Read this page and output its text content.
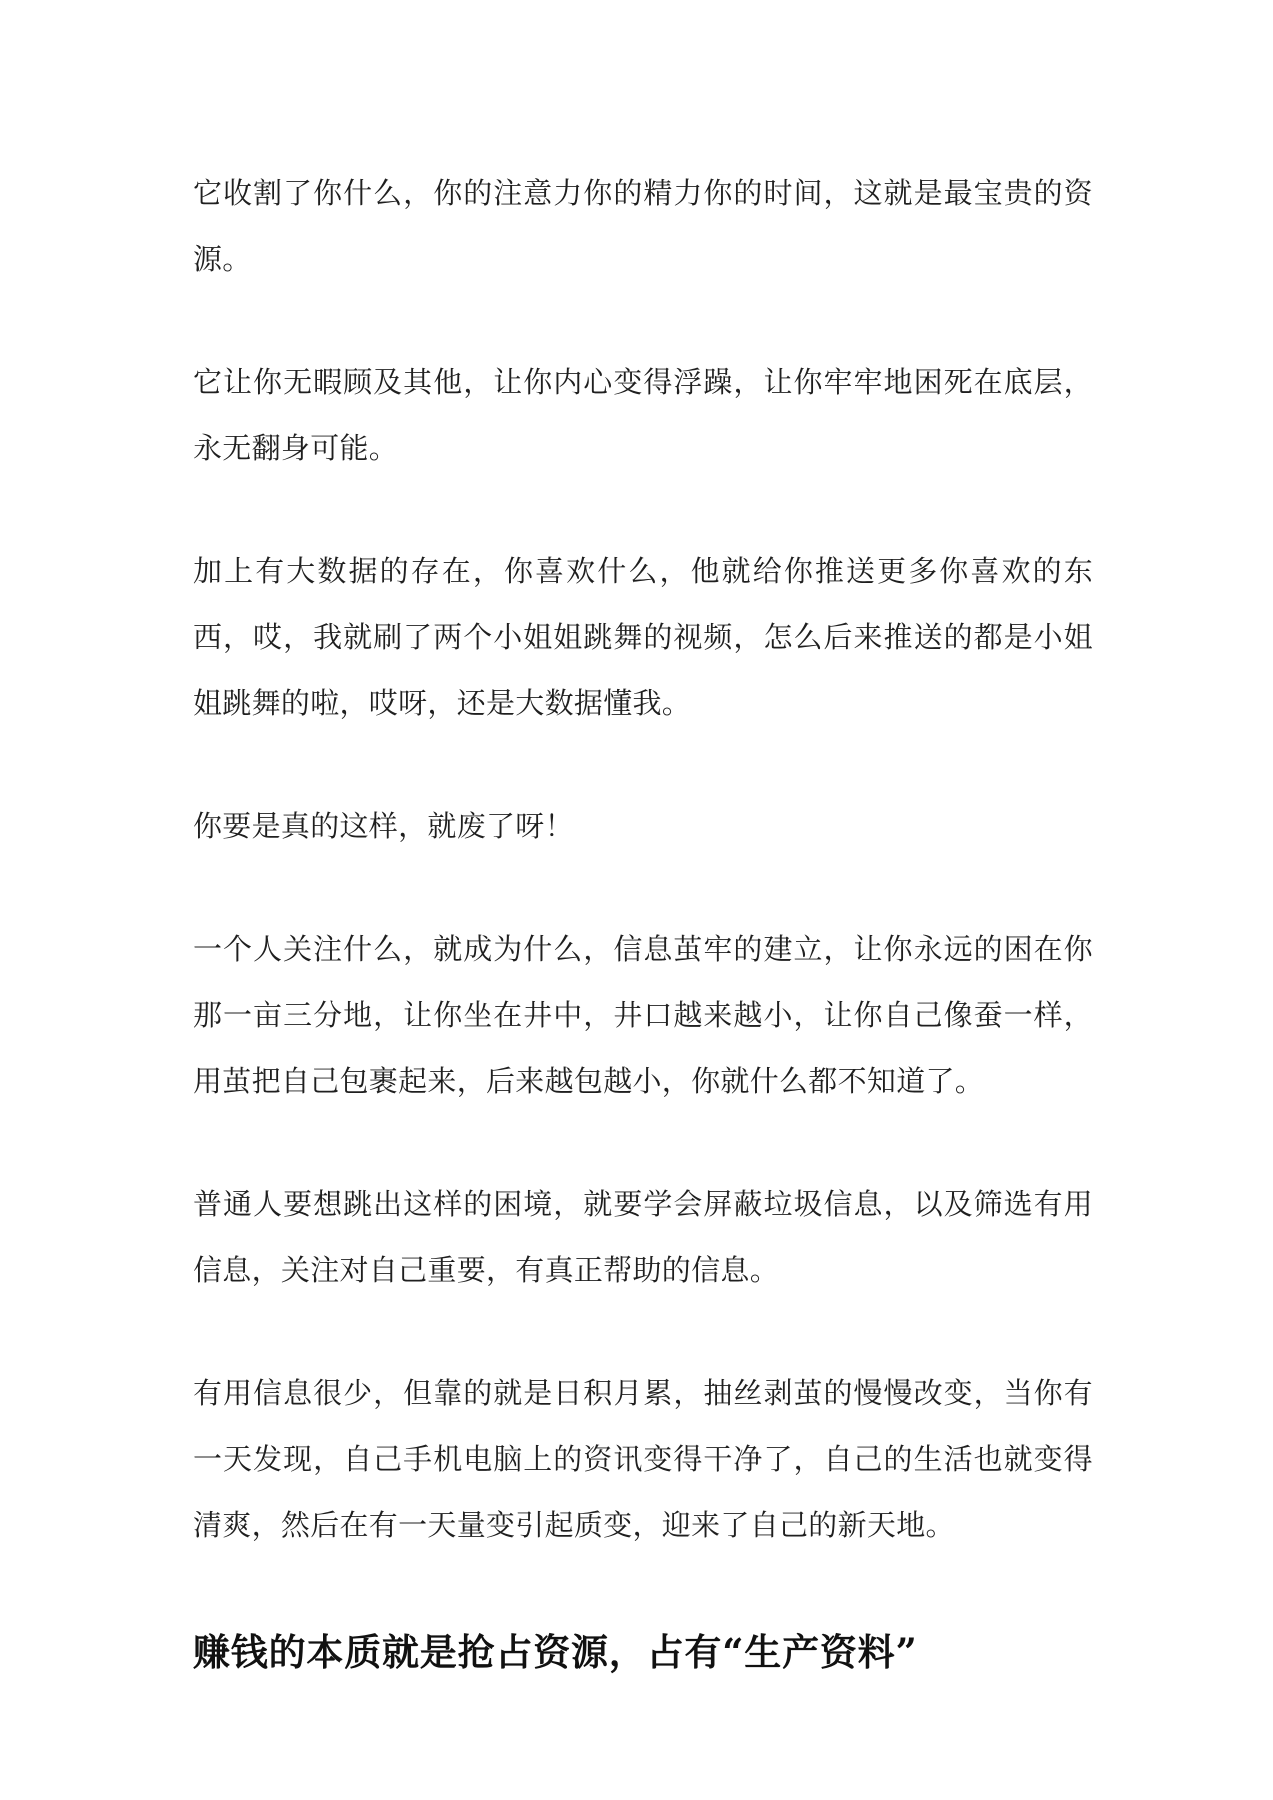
它收割了你什么，你的注意力你的精力你的时间，这就是最宝贵的资源。

它让你无暇顾及其他，让你内心变得浮躁，让你牢牢地困死在底层，永无翻身可能。

加上有大数据的存在，你喜欢什么，他就给你推送更多你喜欢的东西，哎，我就刷了两个小姐姐跳舞的视频，怎么后来推送的都是小姐姐跳舞的啦，哎呀，还是大数据懂我。

你要是真的这样，就废了呀！

一个人关注什么，就成为什么，信息茧牢的建立，让你永远的困在你那一亩三分地，让你坐在井中，井口越来越小，让你自己像蚕一样，用茧把自己包裹起来，后来越包越小，你就什么都不知道了。

普通人要想跳出这样的困境，就要学会屏蔽垃圾信息，以及筛选有用信息，关注对自己重要，有真正帮助的信息。

有用信息很少，但靠的就是日积月累，抽丝剥茧的慢慢改变，当你有一天发现，自己手机电脑上的资讯变得干净了，自己的生活也就变得清爽，然后在有一天量变引起质变，迎来了自己的新天地。

赚钱的本质就是抢占资源，占有“生产资料”
